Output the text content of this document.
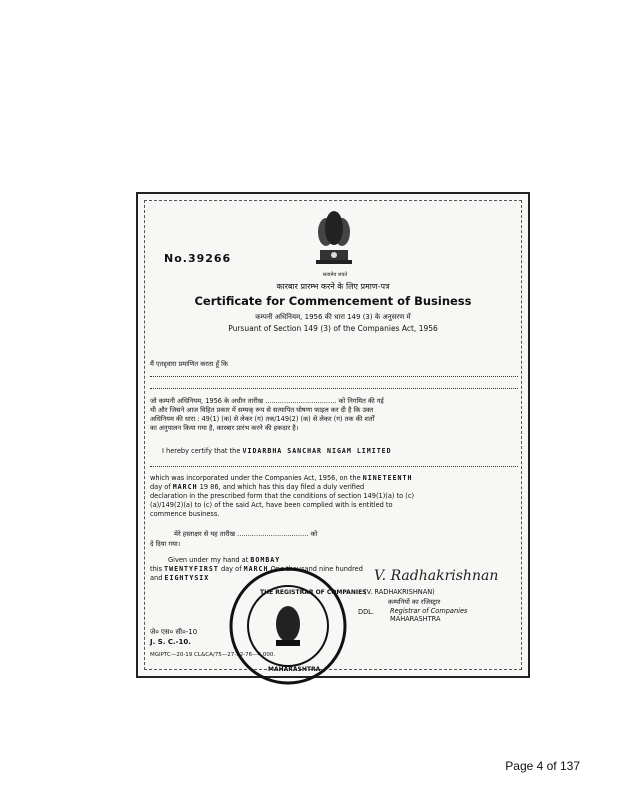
No.39266
सत्यमेव जयते
कारबार प्रारम्भ करने के लिए प्रमाण-पत्र
Certificate for Commencement of Business
कम्पनी अधिनियम, 1956 की धारा 149 (3) के अनुसरण में
Pursuant of Section 149 (3) of the Companies Act, 1956
मैं एतद्द्वारा प्रमाणित करता हूँ कि
जो कम्पनी अधिनियम, 1956 के अधीन तारीख .................................. को निगमित की गई
थी और जिसने आज विहित प्रकार में सम्यक् रूप से सत्यापित घोषणा फाइल कर दी है कि उक्त
अधिनियम की धारा : 49(1) (क) से लेकर (ग) तक/149(2) (क) से लेकर (ग) तक की शर्तों
का अनुपालन किया गया है, कारबार प्रारंभ करने की हकदार है।
I hereby certify that the VIDARBHA SANCHAR NIGAM LIMITED
which was incorporated under the Companies Act, 1956, on the NINETEENTH
day of MARCH 19 86, and which has this day filed a duly verified
declaration in the prescribed form that the conditions of section 149(1)(a) to (c)
(a)/149(2)(a) to (c) of the said Act, have been complied with is entitled to
commence business.
मेरे हस्ताक्षर से यह तारीख .................................. को
दे दिया गया।
Given under my hand at BOMBAY
this TWENTYFIRST day of MARCH One thousand nine hundred
and EIGHTYSIX	V. Radhakrishnan
(V. RADHAKRISHNAN)
कम्पनियों का रजिस्ट्रार
DDL.	Registrar of Companies
MAHARASHTRA
THE REGISTRAR OF COMPANIES
MAHARASHTRA
जे० एस० सी०-10
J. S. C.-10.
MGIPTC—20-19 CL&CA/75—27-12-76—4,000.
Page 4 of 137
